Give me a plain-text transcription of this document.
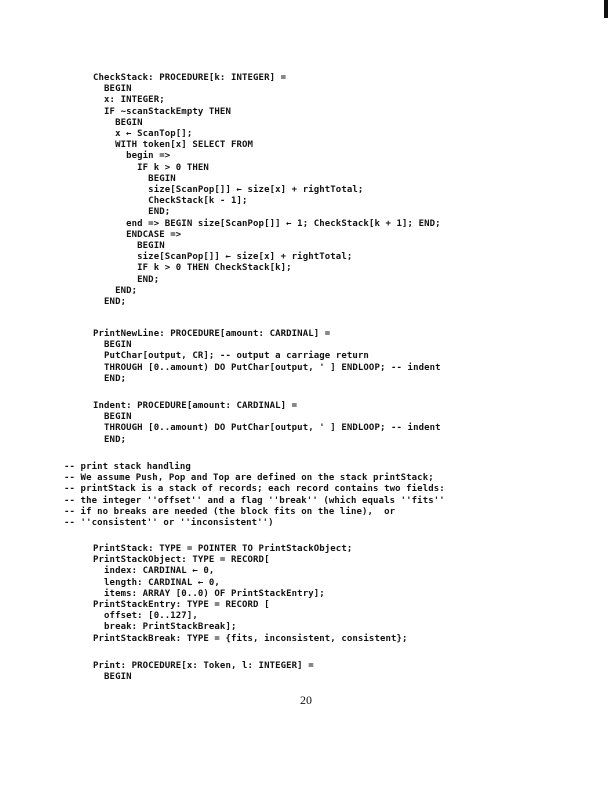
CheckStack: PROCEDURE[k: INTEGER] =
BEGIN
x: INTEGER;
IF ~scanStackEmpty THEN
BEGIN
x ← ScanTop[];
WITH token[x] SELECT FROM
begin =>
IF k > 0 THEN
BEGIN
size[ScanPop[]] ← size[x] + rightTotal;
CheckStack[k - 1];
END;
end => BEGIN size[ScanPop[]] ← 1; CheckStack[k + 1]; END;
ENDCASE =>
BEGIN
size[ScanPop[]] ← size[x] + rightTotal;
IF k > 0 THEN CheckStack[k];
END;
END;
END;
PrintNewLine: PROCEDURE[amount: CARDINAL] =
BEGIN
PutChar[output, CR]; -- output a carriage return
THROUGH [0..amount) DO PutChar[output, ' ] ENDLOOP; -- indent
END;
Indent: PROCEDURE[amount: CARDINAL] =
BEGIN
THROUGH [0..amount) DO PutChar[output, ' ] ENDLOOP; -- indent
END;
-- print stack handling
-- We assume Push, Pop and Top are defined on the stack printStack;
-- printStack is a stack of records; each record contains two fields:
-- the integer ''offset'' and a flag ''break'' (which equals ''fits''
-- if no breaks are needed (the block fits on the line),  or
-- ''consistent'' or ''inconsistent'')
PrintStack: TYPE = POINTER TO PrintStackObject;
PrintStackObject: TYPE = RECORD[
index: CARDINAL ← 0,
length: CARDINAL ← 0,
items: ARRAY [0..0) OF PrintStackEntry];
PrintStackEntry: TYPE = RECORD [
offset: [0..127],
break: PrintStackBreak];
PrintStackBreak: TYPE = {fits, inconsistent, consistent};
Print: PROCEDURE[x: Token, l: INTEGER] =
BEGIN
20
